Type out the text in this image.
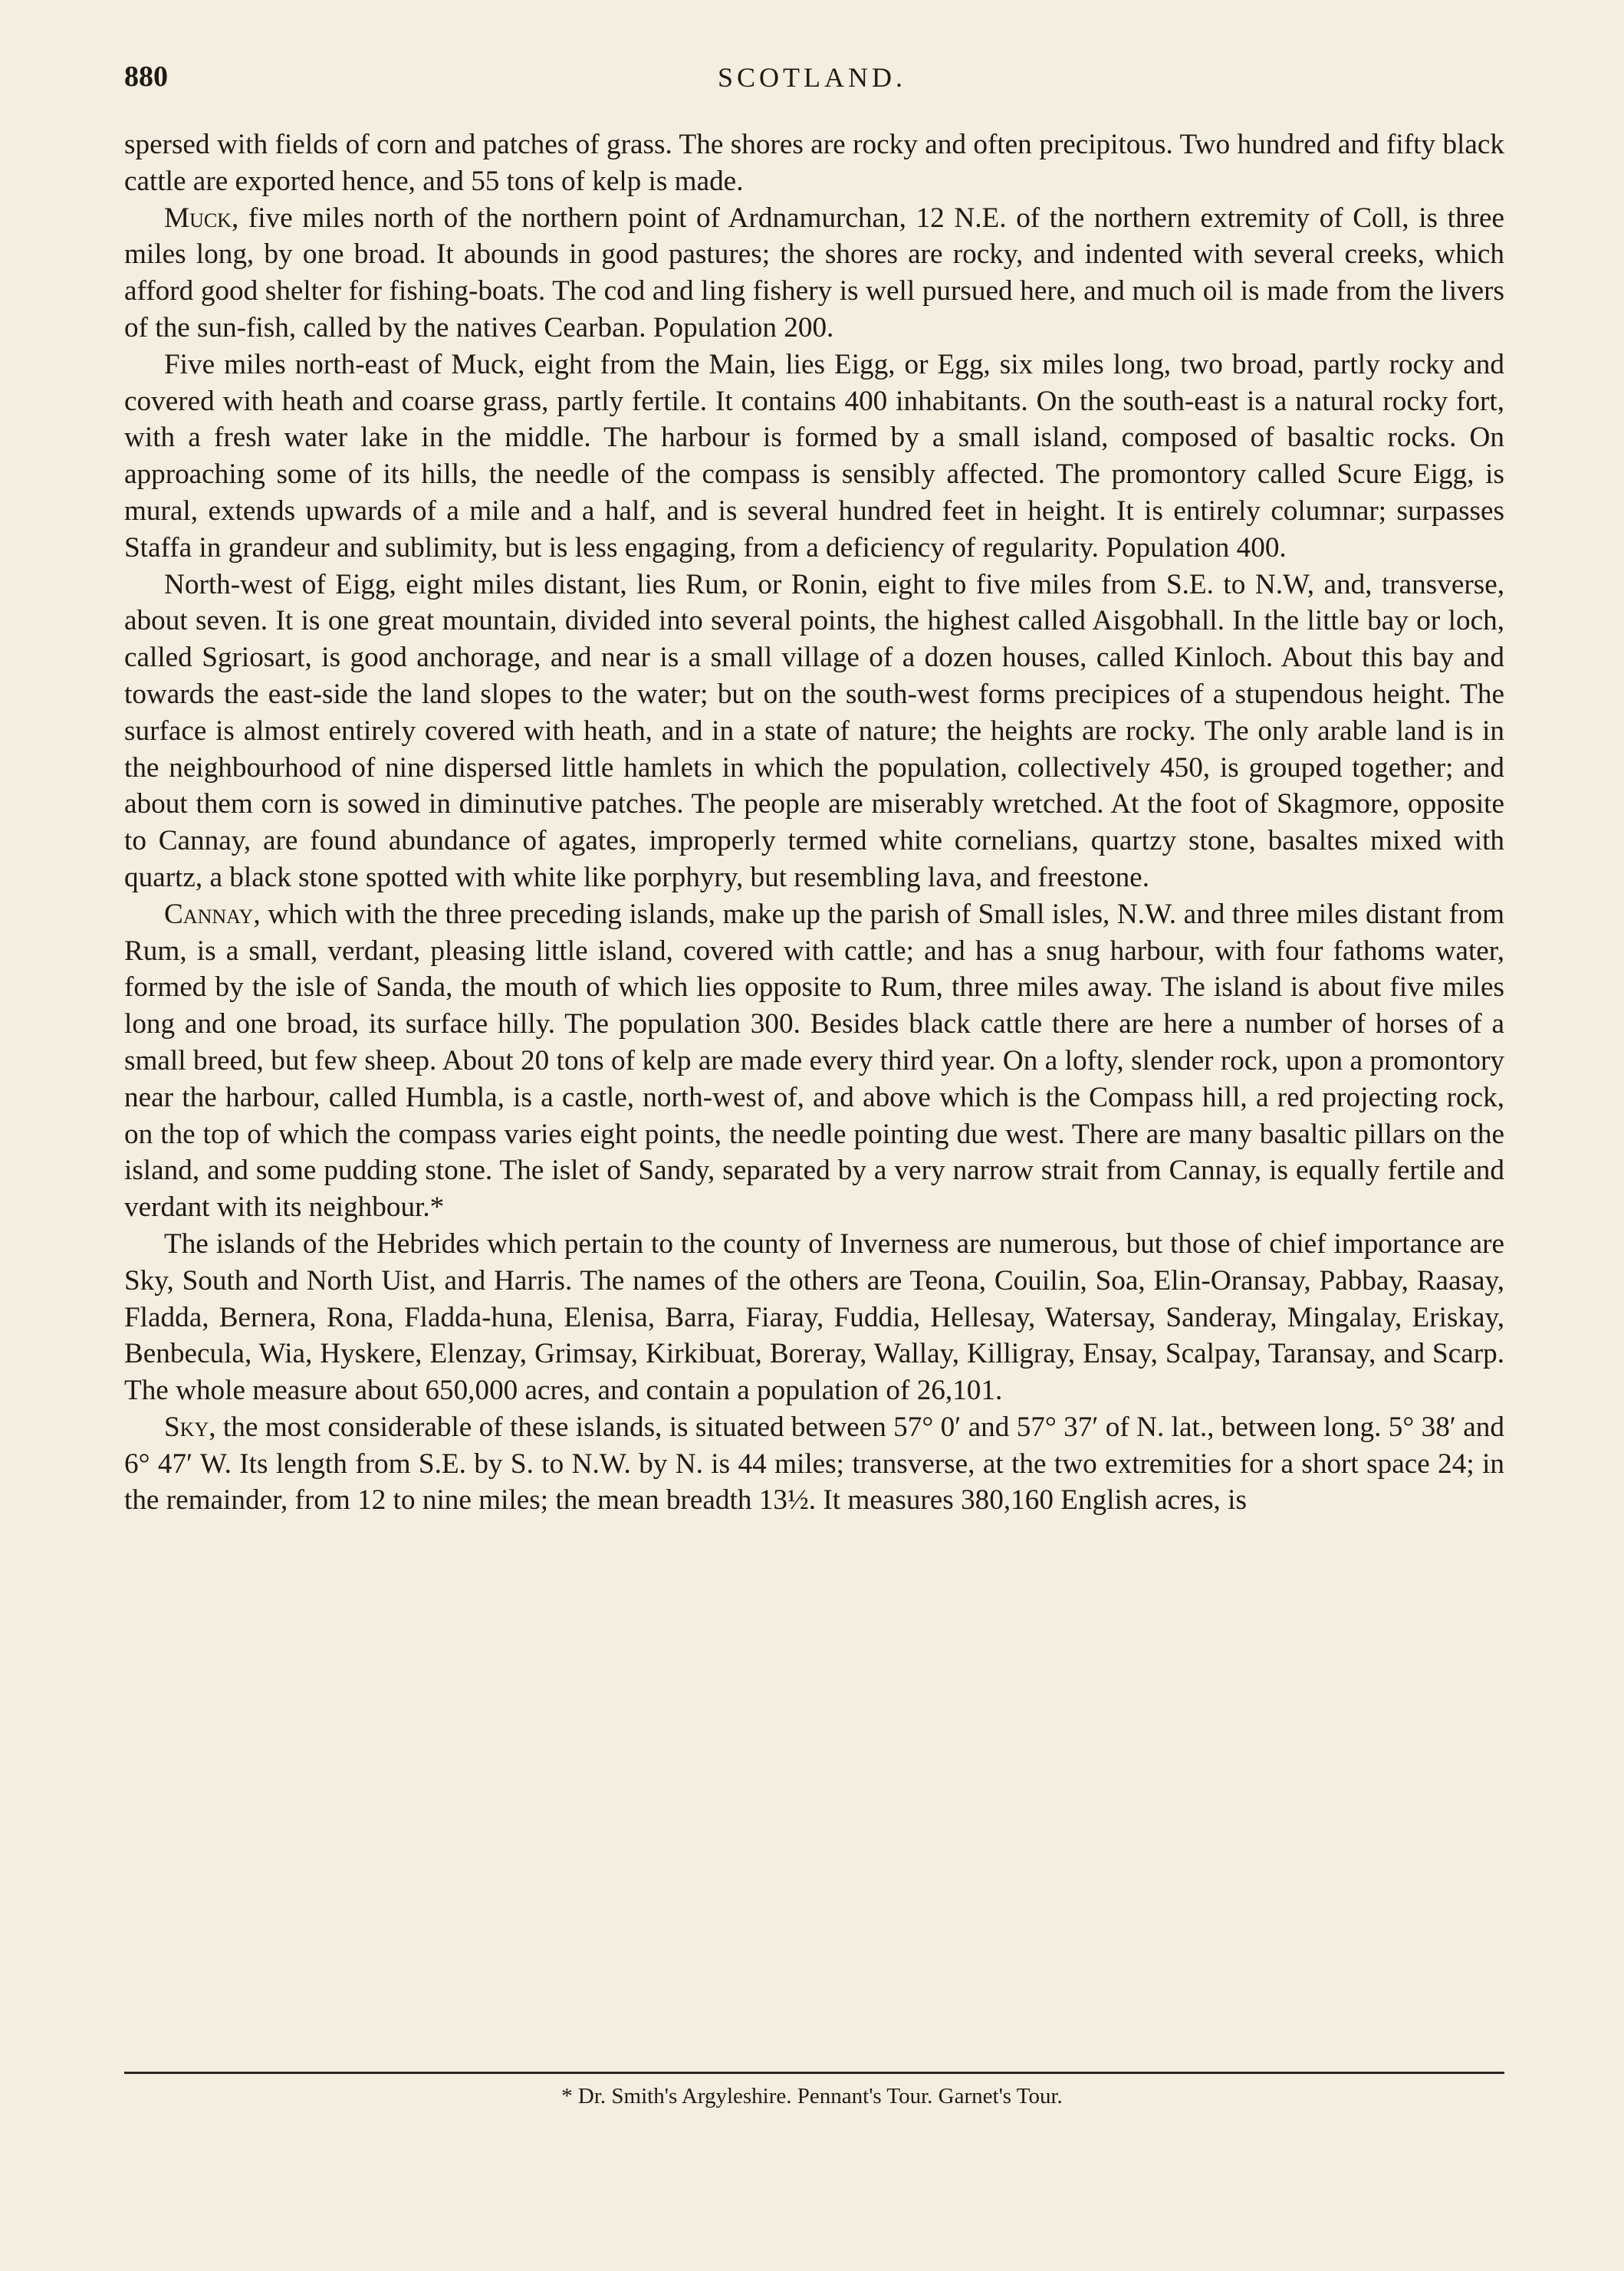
880	SCOTLAND.

spersed with fields of corn and patches of grass. The shores are rocky and often precipitous. Two hundred and fifty black cattle are exported hence, and 55 tons of kelp is made.

Muck, five miles north of the northern point of Ardnamurchan, 12 N.E. of the northern extremity of Coll, is three miles long, by one broad. It abounds in good pastures; the shores are rocky, and indented with several creeks, which afford good shelter for fishing-boats. The cod and ling fishery is well pursued here, and much oil is made from the livers of the sun-fish, called by the natives Cearban. Population 200.

Five miles north-east of Muck, eight from the Main, lies Eigg, or Egg, six miles long, two broad, partly rocky and covered with heath and coarse grass, partly fertile. It contains 400 inhabitants. On the south-east is a natural rocky fort, with a fresh water lake in the middle. The harbour is formed by a small island, composed of basaltic rocks. On approaching some of its hills, the needle of the compass is sensibly affected. The promontory called Scure Eigg, is mural, extends upwards of a mile and a half, and is several hundred feet in height. It is entirely columnar; surpasses Staffa in grandeur and sublimity, but is less engaging, from a deficiency of regularity. Population 400.

North-west of Eigg, eight miles distant, lies Rum, or Ronin, eight to five miles from S.E. to N.W, and, transverse, about seven. It is one great mountain, divided into several points, the highest called Aisgobhall. In the little bay or loch, called Sgriosart, is good anchorage, and near is a small village of a dozen houses, called Kinloch. About this bay and towards the east-side the land slopes to the water; but on the south-west forms precipices of a stupendous height. The surface is almost entirely covered with heath, and in a state of nature; the heights are rocky. The only arable land is in the neighbourhood of nine dispersed little hamlets in which the population, collectively 450, is grouped together; and about them corn is sowed in diminutive patches. The people are miserably wretched. At the foot of Skagmore, opposite to Cannay, are found abundance of agates, improperly termed white cornelians, quartzy stone, basaltes mixed with quartz, a black stone spotted with white like porphyry, but resembling lava, and freestone.

Cannay, which with the three preceding islands, make up the parish of Small isles, N.W. and three miles distant from Rum, is a small, verdant, pleasing little island, covered with cattle; and has a snug harbour, with four fathoms water, formed by the isle of Sanda, the mouth of which lies opposite to Rum, three miles away. The island is about five miles long and one broad, its surface hilly. The population 300. Besides black cattle there are here a number of horses of a small breed, but few sheep. About 20 tons of kelp are made every third year. On a lofty, slender rock, upon a promontory near the harbour, called Humbla, is a castle, north-west of, and above which is the Compass hill, a red projecting rock, on the top of which the compass varies eight points, the needle pointing due west. There are many basaltic pillars on the island, and some pudding stone. The islet of Sandy, separated by a very narrow strait from Cannay, is equally fertile and verdant with its neighbour.*

The islands of the Hebrides which pertain to the county of Inverness are numerous, but those of chief importance are Sky, South and North Uist, and Harris. The names of the others are Teona, Couilin, Soa, Elin-Oransay, Pabbay, Raasay, Fladda, Bernera, Rona, Fladda-huna, Elenisa, Barra, Fiaray, Fuddia, Hellesay, Watersay, Sanderay, Mingalay, Eriskay, Benbecula, Wia, Hyskere, Elenzay, Grimsay, Kirkibuat, Boreray, Wallay, Killigray, Ensay, Scalpay, Taransay, and Scarp. The whole measure about 650,000 acres, and contain a population of 26,101.

Sky, the most considerable of these islands, is situated between 57° 0′ and 57° 37′ of N. lat., between long. 5° 38′ and 6° 47′ W. Its length from S.E. by S. to N.W. by N. is 44 miles; transverse, at the two extremities for a short space 24; in the remainder, from 12 to nine miles; the mean breadth 13½. It measures 380,160 English acres, is

* Dr. Smith's Argyleshire. Pennant's Tour. Garnet's Tour.
